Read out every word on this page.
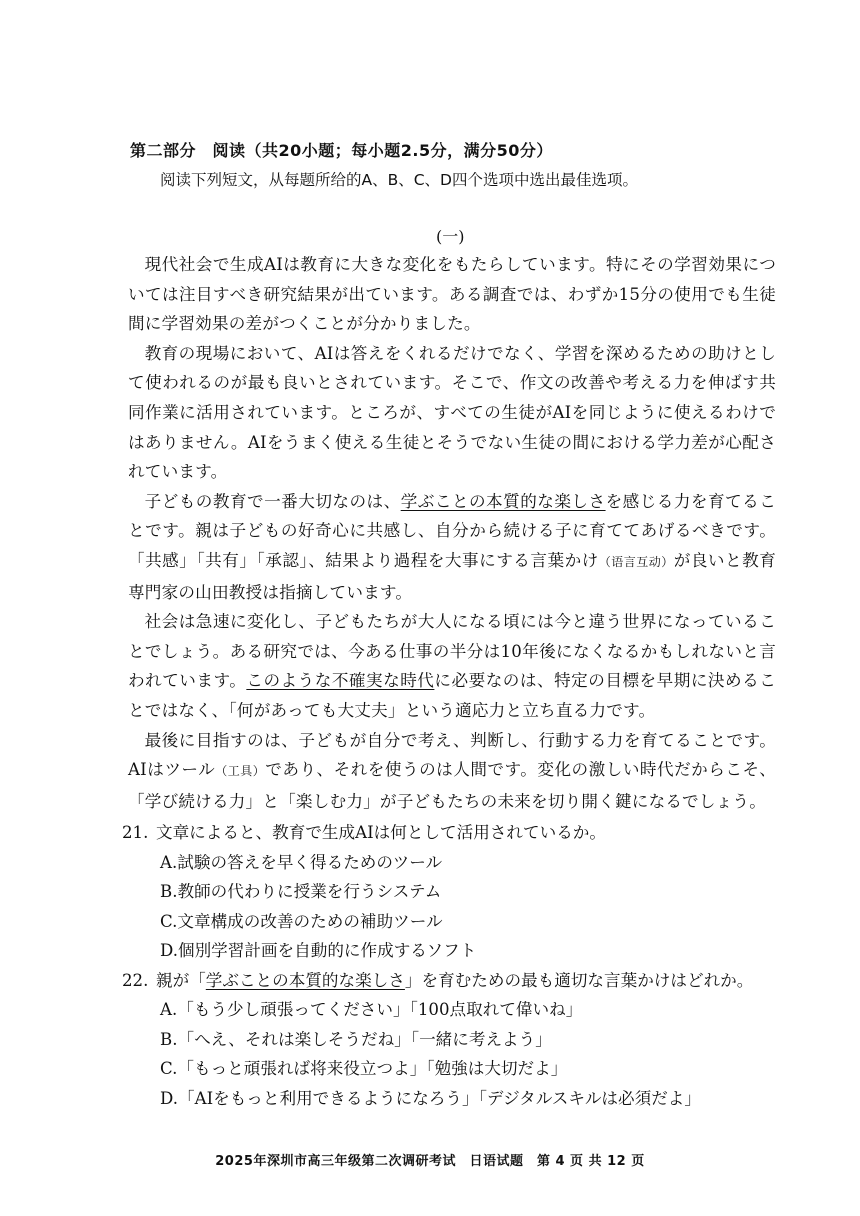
第二部分　阅读（共20小题；每小题2.5分，满分50分）
阅读下列短文，从每题所给的A、B、C、D四个选项中选出最佳选项。
(一)

現代社会で生成AIは教育に大きな変化をもたらしています。特にその学習効果については注目すべき研究結果が出ています。ある調査では、わずか15分の使用でも生徒間に学習効果の差がつくことが分かりました。

教育の現場において、AIは答えをくれるだけでなく、学習を深めるための助けとして使われるのが最も良いとされています。そこで、作文の改善や考える力を伸ばす共同作業に活用されています。ところが、すべての生徒がAIを同じように使えるわけではありません。AIをうまく使える生徒とそうでない生徒の間における学力差が心配されています。

子どもの教育で一番大切なのは、学ぶことの本質的な楽しさを感じる力を育てることです。親は子どもの好奇心に共感し、自分から続ける子に育ててあげるべきです。「共感」「共有」「承認」、結果より過程を大事にする言葉かけ（语言互动）が良いと教育専門家の山田教授は指摘しています。

社会は急速に変化し、子どもたちが大人になる頃には今と違う世界になっていることでしょう。ある研究では、今ある仕事の半分は10年後になくなるかもしれないと言われています。このような不確実な時代に必要なのは、特定の目標を早期に決めることではなく、「何があっても大丈夫」という適応力と立ち直る力です。

最後に目指すのは、子どもが自分で考え、判断し、行動する力を育てることです。AIはツール（工具）であり、それを使うのは人間です。変化の激しい時代だからこそ、「学び続ける力」と「楽しむ力」が子どもたちの未来を切り開く鍵になるでしょう。

21. 文章によると、教育で生成AIは何として活用されているか。

A.試験の答えを早く得るためのツール

B.教師の代わりに授業を行うシステム

C.文章構成の改善のための補助ツール

D.個別学習計画を自動的に作成するソフト

22. 親が「学ぶことの本質的な楽しさ」を育むための最も適切な言葉かけはどれか。

A.「もう少し頑張ってください」「100点取れて偉いね」

B.「へえ、それは楽しそうだね」「一緒に考えよう」

C.「もっと頑張れば将来役立つよ」「勉強は大切だよ」

D.「AIをもっと利用できるようになろう」「デジタルスキルは必須だよ」

2025年深圳市高三年级第二次调研考试　日语试题　第 4 页 共 12 页
